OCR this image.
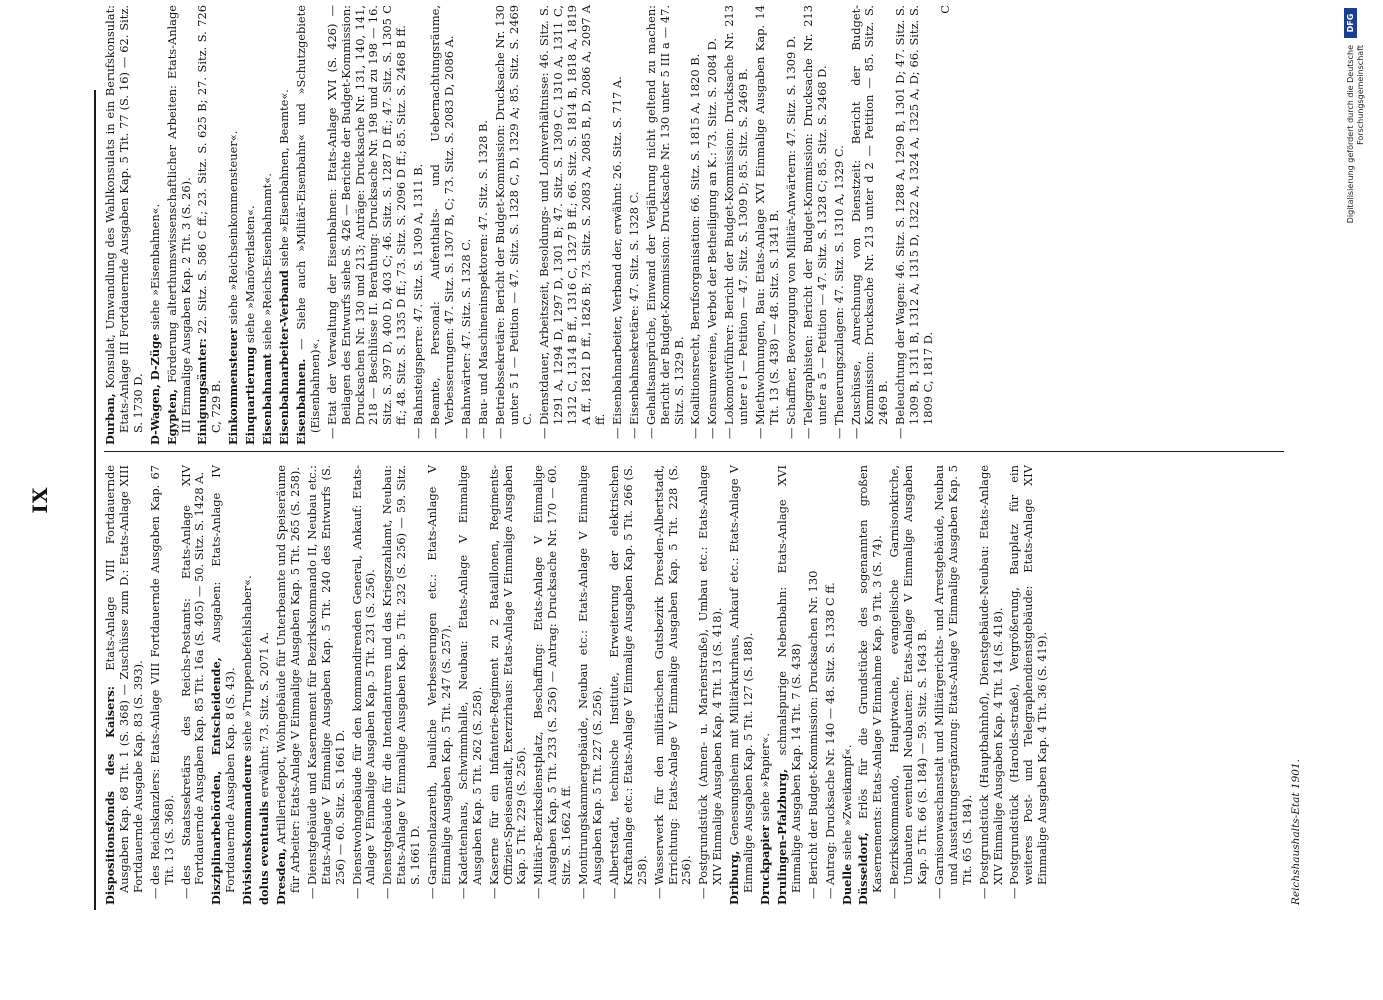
IX
Dispositionsfonds des Kaisers: Etats-Anlage VIII Fortdauernde Ausgaben Kap. 68 Tit. 1 (S. 368) — Zuschüsse zum D.: Etats-Anlage XIII Fortdauernde Ausgabe Kap. 83 (S. 393).
—des Reichskanzlers: Etats-Anlage VIII Fortdauernde Ausgaben Kap. 67 Tit. 13 (S. 368).
—des Staatssekretärs des Reichs-Postamts: Etats-Anlage XIV Fortdauernde Ausgaben Kap. 85 Tit. 16a (S. 405) — 50. Sitz. S. 1428 A. Disziplinarbehörden, Entscheidende, Ausgaben: Etats-Anlage IV Fortdauernde Ausgaben Kap. 8 (S. 43). Divisionskommandeure siehe »Truppenbefehlshaber«.
dolus eventualis erwähnt: 73. Sitz. S. 2071 A.
Dresden, Artilleriedepot, Wohngebäude für Unterbeamte und Speiseräume für Arbeiter: Etats-Anlage V Einmalige Ausgaben Kap. 5 Tit. 265 (S. 258).
—Dienstgebäude und Kasernement für Bezirkskommando II, Neubau etc.: Etats-Anlage V Einmalige Ausgaben Kap. 5 Tit. 240 des Entwurfs (S. 256) — 60. Sitz. S. 1661 D.
—Dienstwohngebäude für den kommandirenden General, Ankauf: Etats-Anlage V Einmalige Ausgaben Kap. 5 Tit. 231 (S. 256).
—Dienstgebäude für die Intendanturen und das Kriegszahlamt, Neubau: Etats-Anlage V Einmalige Ausgaben Kap. 5 Tit. 232 (S. 256) — 59. Sitz. S. 1661 D.
—Garnisonlazareth, bauliche Verbesserungen etc.: Etats-Anlage V Einmalige Ausgaben Kap. 5 Tit. 247 (S. 257).
—Kadettenhaus, Schwimmhalle, Neubau: Etats-Anlage V Einmalige Ausgaben Kap. 5 Tit. 262 (S. 258).
—Kaserne für ein Infanterie-Regiment zu 2 Bataillonen, Regiments-Offizier-Speiseanstalt, Exerzirhaus: Etats-Anlage V Einmalige Ausgaben Kap. 5 Tit. 229 (S. 256).
—Militär-Bezirksdienstplatz, Beschaffung: Etats-Anlage V Einmalige Ausgaben Kap. 5 Tit. 233 (S. 256) — Antrag: Drucksache Nr. 170 — 60. Sitz. S. 1662 A ff.
—Montirungskammergebäude, Neubau etc.: Etats-Anlage V Einmalige Ausgaben Kap. 5 Tit. 227 (S. 256).
—Albertstadt, technische Institute, Erweiterung der elektrischen Kraftanlage etc.: Etats-Anlage V Einmalige Ausgaben Kap. 5 Tit. 266 (S. 258).
—Wasserwerk für den militärischen Gutsbezirk Dresden-Albertstadt, Errichtung: Etats-Anlage V Einmalige Ausgaben Kap. 5 Tit. 228 (S. 256).
—Postgrundstück (Annen- u. Marienstraße), Umbau etc.: Etats-Anlage XIV Einmalige Ausgaben Kap. 4 Tit. 13 (S. 418). Driburg, Genesungsheim mit Militärkurhaus, Ankauf etc.: Etats-Anlage V Einmalige Ausgaben Kap. 5 Tit. 127 (S. 188). Druckpapier siehe »Papier«. Drulingen–Pfalzburg, schmalspurige Nebenbahn: Etats-Anlage XVI Einmalige Ausgaben Kap. 14 Tit. 7 (S. 438)
—Bericht der Budget-Kommission: Drucksachen Nr. 130
—Antrag: Drucksache Nr. 140 — 48. Sitz. S. 1338 C ff. Duelle siehe »Zweikampf«.
Düsseldorf, Erlös für die Grundstücke des sogenannten großen Kasernements: Etats-Anlage V Einnahme Kap. 9 Tit. 3 (S. 74).
—Bezirkskommando, Hauptwache, evangelische Garnisonkirche, Umbauten eventuell Neubauten: Etats-Anlage V Einmalige Ausgaben Kap. 5 Tit. 66 (S. 184) — 59. Sitz. S. 1643 B.
—Garnisonwaschanstalt und Militärgerichts- und Arrestgebäude, Neubau und Ausstattungsergänzung: Etats-Anlage V Einmalige Ausgaben Kap. 5 Tit. 65 (S. 184).
—Postgrundstück (Hauptbahnhof), Dienstgebäude-Neubau: Etats-Anlage XIV Einmalige Ausgaben Kap. 4 Tit. 14 (S. 418).
—Postgrundstück (Harolds-straße), Vergrößerung, Bauplatz für ein weiteres Post- und Telegraphendienstgebäude: Etats-Anlage XIV Einmalige Ausgaben Kap. 4 Tit. 36 (S. 419).
Durban, Konsulat, Umwandlung des Wahlkonsulats in ein Berufskonsulat: Etats-Anlage III Fortdauernde Ausgaben Kap. 5 Tit. 77 (S. 16) — 62. Sitz. S. 1730 D. D-Wagen, D-Züge siehe »Eisenbahnen«.
Egypten, Förderung alterthumswissenschaftlicher Arbeiten: Etats-Anlage III Einmalige Ausgaben Kap. 2 Tit. 3 (S. 26). Einigungsämter: 22. Sitz. S. 586 C ff.; 23. Sitz. S. 625 B; 27. Sitz. S. 726 C, 729 B. Einkommensteuer siehe »Reichseinkommensteuer«.
Einquartierung siehe »Manöverlasten«.
Eisenbahnamt siehe »Reichs-Eisenbahnamt«.
Eisenbahnarbeiter-Verband siehe »Eisenbahnen, Beamte«.
Eisenbahnen. — Siehe auch »Militär-Eisenbahn« und »Schutzgebiete (Eisenbahnen)«.
—Etat der Verwaltung der Eisenbahnen: Etats-Anlage XVI (S. 426) — Beilagen des Entwurfs siehe S. 426 — Berichte der Budget-Kommission: Drucksachen Nr. 130 und 213; Anträge: Drucksache Nr. 131, 140, 141, 218 — Beschlüsse II. Berathung: Drucksache Nr. 198 und zu 198 — 16. Sitz. S. 397 D, 400 D, 403 C; 46. Sitz. S. 1287 D ff.; 47. Sitz. S. 1305 C ff.; 48. Sitz. S. 1335 D ff.; 73. Sitz. S. 2096 D ff.; 85. Sitz. S. 2468 B ff.
—Bahnsteigsperre: 47. Sitz. S. 1309 A, 1311 B.
—Beamte, Personal: Aufenthalts- und Uebernachtungsräume, Verbesserungen: 47. Sitz. S. 1307 B, C; 73. Sitz. S. 2083 D, 2086 A.
—Bahnwärter: 47. Sitz. S. 1328 C.
—Bau- und Maschineninspektoren: 47. Sitz. S. 1328 B.
—Betriebssekretäre: Bericht der Budget-Kommission: Drucksache Nr. 130 unter 5 I — Petition — 47. Sitz. S. 1328 C, D, 1329 A; 85. Sitz. S. 2469 C.
—Dienstdauer, Arbeitszeit, Besoldungs- und Lohnverhältnisse: 46. Sitz. S. 1291 A, 1294 D, 1297 D, 1301 B; 47. Sitz. S. 1309 C, 1310 A, 1311 C, 1312 C, 1314 B ff., 1316 C, 1327 B ff.; 66. Sitz. S. 1814 B, 1818 A, 1819 A ff., 1821 D ff., 1826 B; 73. Sitz. S. 2083 A, 2085 B, D, 2086 A, 2097 A ff.
—Eisenbahnarbeiter, Verband der, erwähnt: 26. Sitz. S. 717 A.
—Eisenbahnsekretäre: 47. Sitz. S. 1328 C.
—Gehaltsansprüche, Einwand der Verjährung nicht geltend zu machen: Bericht der Budget-Kommission: Drucksache Nr. 130 unter 5 III a — 47. Sitz. S. 1329 B.
—Koalitionsrecht, Berufsorganisation: 66. Sitz. S. 1815 A, 1820 B.
—Konsumvereine, Verbot der Betheiligung an K.: 73. Sitz. S. 2084 D.
—Lokomotivführer: Bericht der Budget-Kommission: Drucksache Nr. 213 unter e I — Petition — 47. Sitz. S. 1309 D; 85. Sitz. S. 2469 B.
—Miethwohnungen, Bau: Etats-Anlage XVI Einmalige Ausgaben Kap. 14 Tit. 13 (S. 438) — 48. Sitz. S. 1341 B.
—Schaffner, Bevorzugung von Militär-Anwärtern: 47. Sitz. S. 1309 D.
—Telegraphisten: Bericht der Budget-Kommission: Drucksache Nr. 213 unter a 5 — Petition — 47. Sitz. S. 1328 C; 85. Sitz. S. 2468 D.
—Theuerungszulagen: 47. Sitz. S. 1310 A, 1329 C.
—Zuschüsse, Anrechnung von Dienstzeit: Bericht der Budget-Kommission: Drucksache Nr. 213 unter d 2 — Petition — 85. Sitz. S. 2469 B.
—Beleuchtung der Wagen: 46. Sitz. S. 1288 A, 1290 B, 1301 D; 47. Sitz. S. 1309 B, 1311 B, 1312 A, 1315 D, 1322 A, 1324 A, 1325 A, D; 66. Sitz. S. 1809 C, 1817 D.
C
Reichshaushalts-Etat 1901.
Digitalisierung gefördert durch die Deutsche Forschungsgemeinschaft
DFG
